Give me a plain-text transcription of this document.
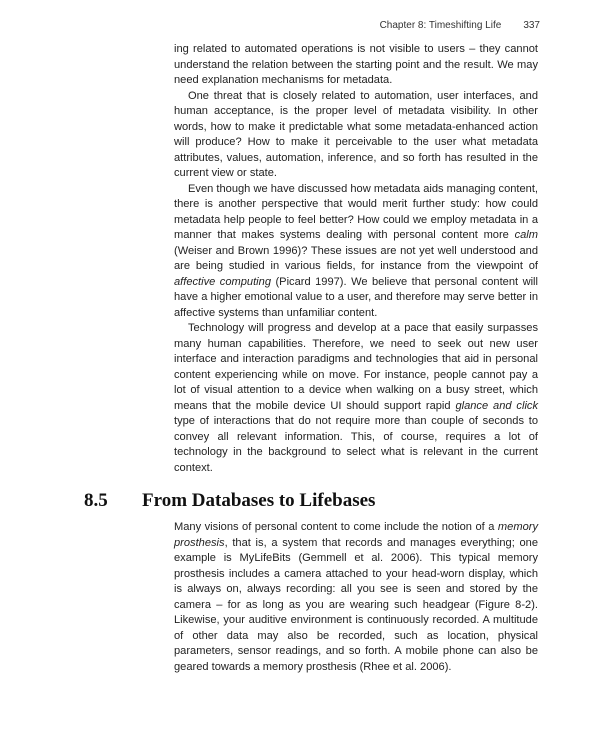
Chapter 8: Timeshifting Life 337

ing related to automated operations is not visible to users – they cannot understand the relation between the starting point and the result. We may need explanation mechanisms for metadata.

One threat that is closely related to automation, user interfaces, and human acceptance, is the proper level of metadata visibility. In other words, how to make it predictable what some metadata-enhanced action will produce? How to make it perceivable to the user what metadata attributes, values, automation, inference, and so forth has resulted in the current view or state.

Even though we have discussed how metadata aids managing content, there is another perspective that would merit further study: how could metadata help people to feel better? How could we employ metadata in a manner that makes systems dealing with personal content more calm (Weiser and Brown 1996)? These issues are not yet well understood and are being studied in various fields, for instance from the viewpoint of affective computing (Picard 1997). We believe that personal content will have a higher emotional value to a user, and therefore may serve better in affective systems than unfamiliar content.

Technology will progress and develop at a pace that easily surpasses many human capabilities. Therefore, we need to seek out new user interface and interaction paradigms and technologies that aid in personal content experiencing while on move. For instance, people cannot pay a lot of visual attention to a device when walking on a busy street, which means that the mobile device UI should support rapid glance and click type of interactions that do not require more than couple of seconds to convey all relevant information. This, of course, requires a lot of technology in the background to select what is relevant in the current context.

8.5 From Databases to Lifebases

Many visions of personal content to come include the notion of a memory prosthesis, that is, a system that records and manages everything; one example is MyLifeBits (Gemmell et al. 2006). This typical memory prosthesis includes a camera attached to your head-worn display, which is always on, always recording: all you see is seen and stored by the camera – for as long as you are wearing such headgear (Figure 8-2). Likewise, your auditive environment is continuously recorded. A multitude of other data may also be recorded, such as location, physical parameters, sensor readings, and so forth. A mobile phone can also be geared towards a memory prosthesis (Rhee et al. 2006).
